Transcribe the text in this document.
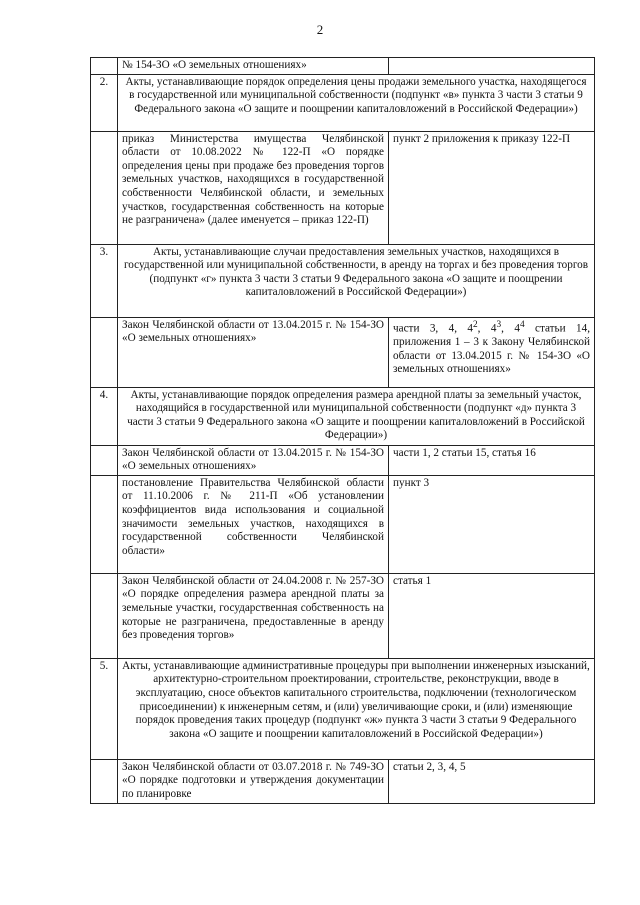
2
	№ 154-ЗО «О земельных отношениях»	
2.	Акты, устанавливающие порядок определения цены продажи земельного участка, находящегося в государственной или муниципальной собственности (подпункт «в» пункта 3 части 3 статьи 9 Федерального закона «О защите и поощрении капиталовложений в Российской Федерации»)	
	приказ Министерства имущества Челябинской области от 10.08.2022 № 122-П «О порядке определения цены при продаже без проведения торгов земельных участков, находящихся в государственной собственности Челябинской области, и земельных участков, государственная собственность на которые не разграничена» (далее именуется – приказ 122-П)	пункт 2 приложения к приказу 122-П
3.	Акты, устанавливающие случаи предоставления земельных участков, находящихся в государственной или муниципальной собственности, в аренду на торгах и без проведения торгов (подпункт «г» пункта 3 части 3 статьи 9 Федерального закона «О защите и поощрении капиталовложений в Российской Федерации»)	
	Закон Челябинской области от 13.04.2015 г. № 154-ЗО «О земельных отношениях»	части 3, 4, $4^2$, $4^3$, $4^4$ статьи 14, приложения 1 – 3 к Закону Челябинской области от 13.04.2015 г. № 154-ЗО «О земельных отношениях»
4.	Акты, устанавливающие порядок определения размера арендной платы за земельный участок, находящийся в государственной или муниципальной собственности (подпункт «д» пункта 3 части 3 статьи 9 Федерального закона «О защите и поощрении капиталовложений в Российской Федерации»)	
	Закон Челябинской области от 13.04.2015 г. № 154-ЗО «О земельных отношениях»	части 1, 2 статьи 15, статья 16
	постановление Правительства Челябинской области от 11.10.2006 г. № 211-П «Об установлении коэффициентов вида использования и социальной значимости земельных участков, находящихся в государственной собственности Челябинской области»	пункт 3
	Закон Челябинской области от 24.04.2008 г. № 257-ЗО «О порядке определения размера арендной платы за земельные участки, государственная собственность на которые не разграничена, предоставленные в аренду без проведения торгов»	статья 1
5.	Акты, устанавливающие административные процедуры при выполнении инженерных изысканий, архитектурно-строительном проектировании, строительстве, реконструкции, вводе в эксплуатацию, сносе объектов капитального строительства, подключении (технологическом присоединении) к инженерным сетям, и (или) увеличивающие сроки, и (или) изменяющие порядок проведения таких процедур (подпункт «ж» пункта 3 части 3 статьи 9 Федерального закона «О защите и поощрении капиталовложений в Российской Федерации»)	
	Закон Челябинской области от 03.07.2018 г. № 749-ЗО «О порядке подготовки и утверждения документации по планировке	статьи 2, 3, 4, 5
